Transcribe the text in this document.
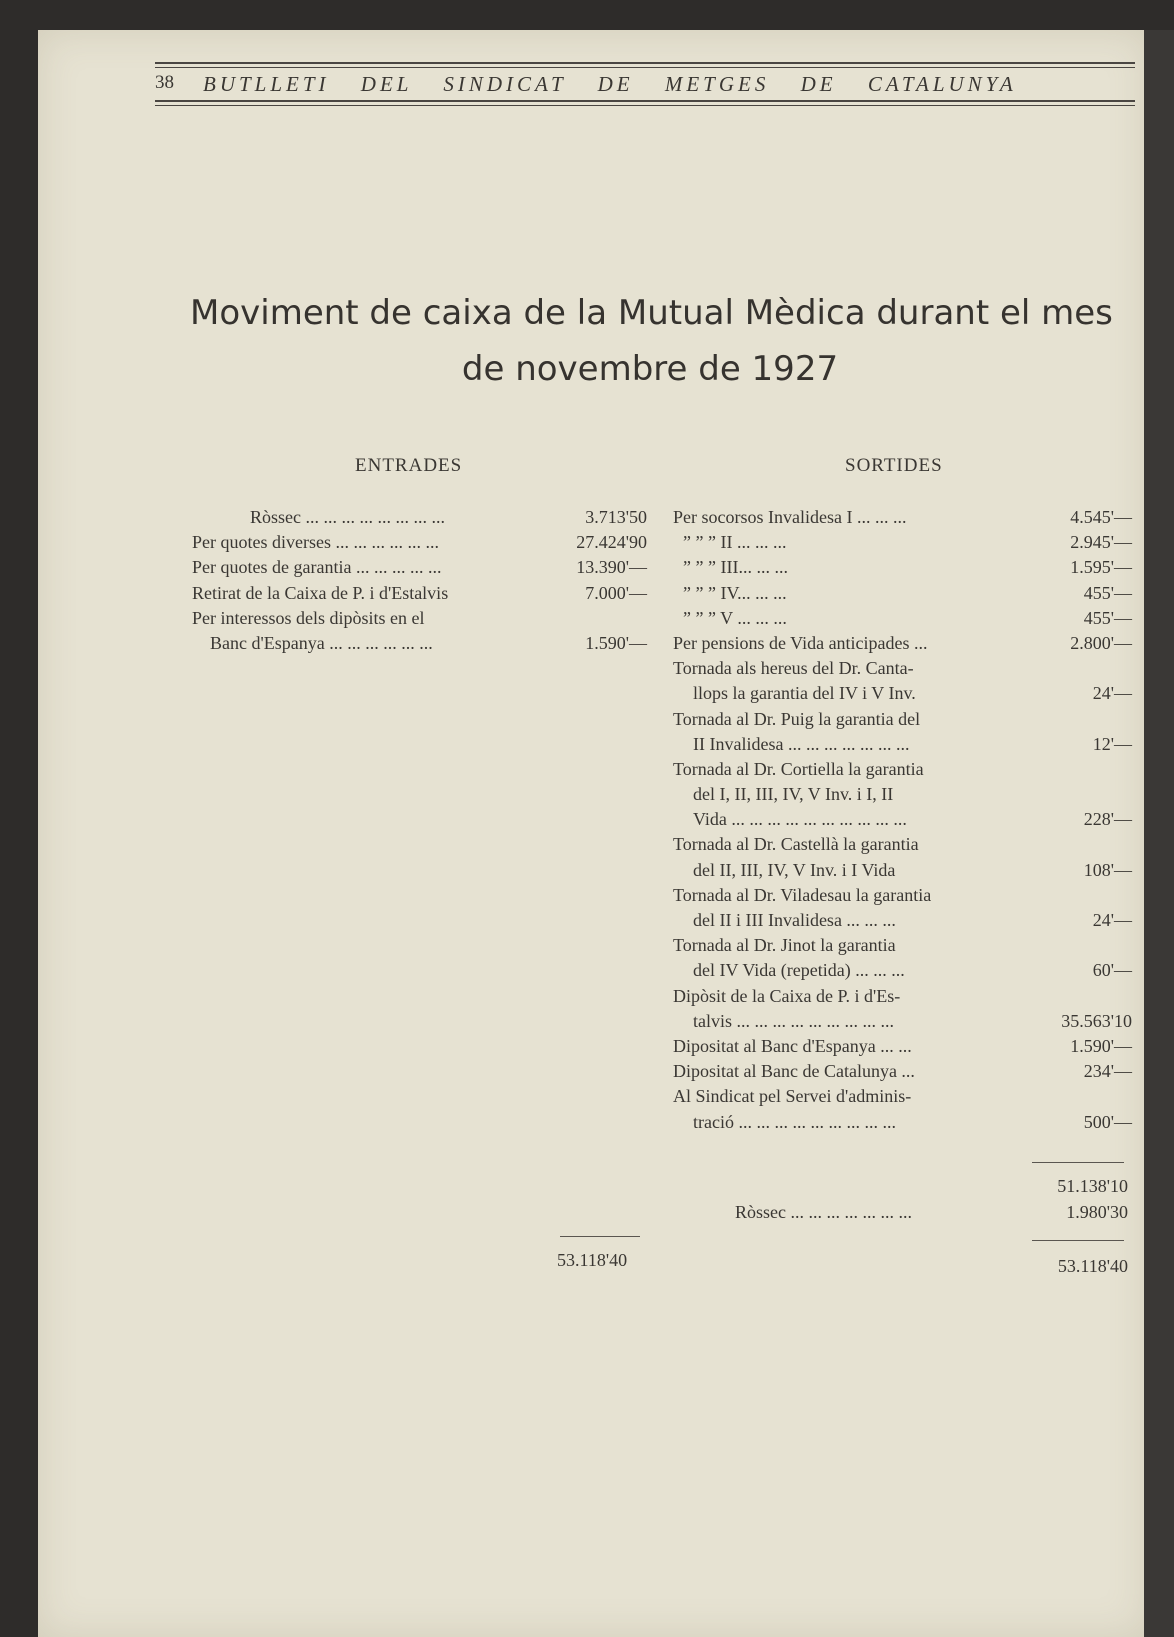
38 BUTLLETI DEL SINDICAT DE METGES DE CATALUNYA
Moviment de caixa de la Mutual Mèdica durant el mes
de novembre de 1927
ENTRADES	SORTIDES
Ròssec ... ... ... ... ... ... ... ...	3.713'50
Per quotes diverses ... ... ... ... ... ...	27.424'90
Per quotes de garantia ... ... ... ... ...	13.390'—
Retirat de la Caixa de P. i d'Estalvis	7.000'—
Per interessos dels dipòsits en el
Banc d'Espanya ... ... ... ... ... ...	1.590'—
Per socorsos Invalidesa I ... ... ...	4.545'—
” ” ” II ... ... ...	2.945'—
” ” ” III... ... ...	1.595'—
” ” ” IV... ... ...	455'—
” ” ” V ... ... ...	455'—
Per pensions de Vida anticipades ...	2.800'—
Tornada als hereus del Dr. Canta-
llops la garantia del IV i V Inv.	24'—
Tornada al Dr. Puig la garantia del
II Invalidesa ... ... ... ... ... ... ...	12'—
Tornada al Dr. Cortiella la garantia
del I, II, III, IV, V Inv. i I, II
Vida ... ... ... ... ... ... ... ... ... ...	228'—
Tornada al Dr. Castellà la garantia
del II, III, IV, V Inv. i I Vida	108'—
Tornada al Dr. Viladesau la garantia
del II i III Invalidesa ... ... ...	24'—
Tornada al Dr. Jinot la garantia
del IV Vida (repetida) ... ... ...	60'—
Dipòsit de la Caixa de P. i d'Es-
talvis ... ... ... ... ... ... ... ... ...	35.563'10
Dipositat al Banc d'Espanya ... ...	1.590'—
Dipositat al Banc de Catalunya ...	234'—
Al Sindicat pel Servei d'adminis-
tració ... ... ... ... ... ... ... ... ...	500'—
53.118'40
51.138'10
Ròssec ... ... ... ... ... ... ...	1.980'30
53.118'40
